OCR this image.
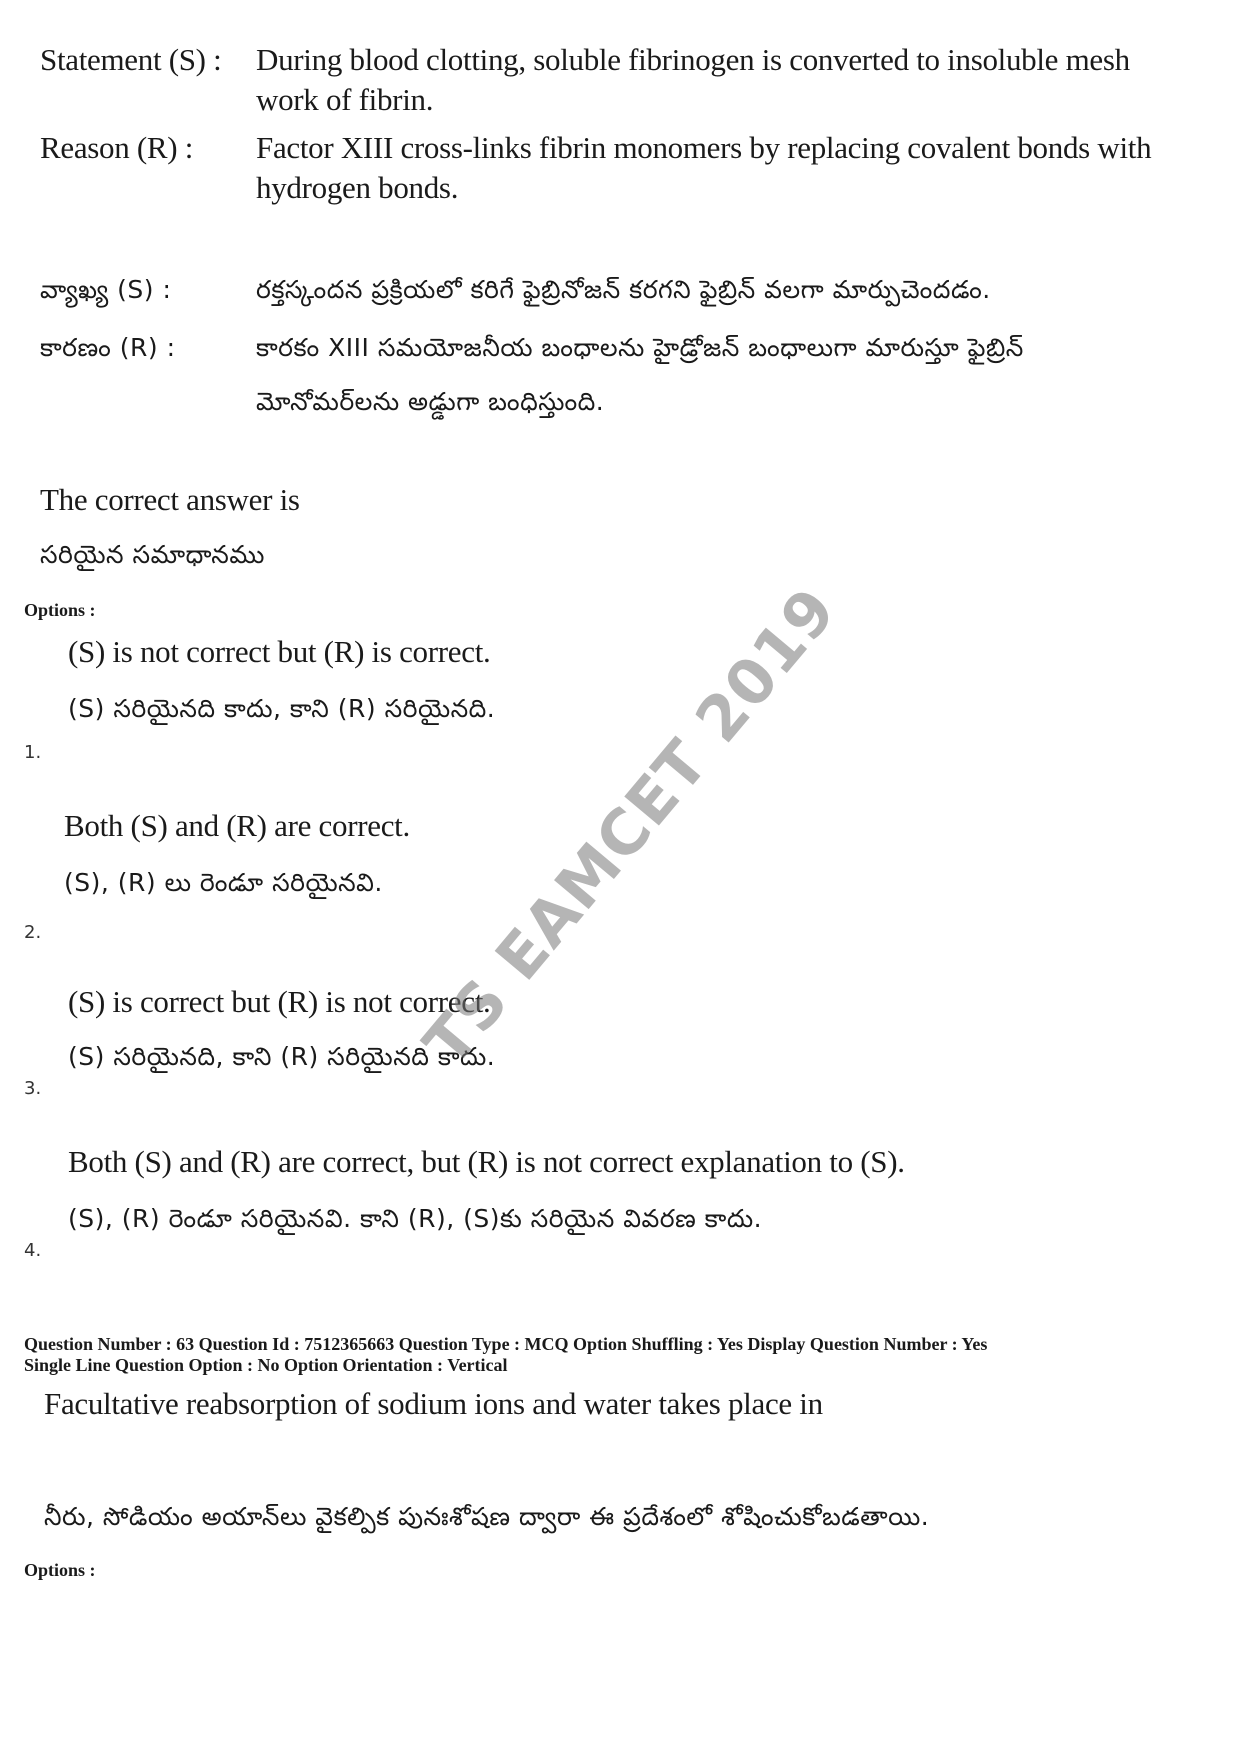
Statement (S) : During blood clotting, soluble fibrinogen is converted to insoluble mesh
work of fibrin.
Reason (R) : Factor XIII cross-links fibrin monomers by replacing covalent bonds with
hydrogen bonds.
వ్యాఖ్య (S) :	రక్తస్కందన ప్రక్రియలో కరిగే ఫైబ్రినోజన్ కరగని ఫైబ్రిన్ వలగా మార్పుచెందడం.
కారణం (R) :	కారకం XIII సమయోజనీయ బంధాలను హైడ్రోజన్ బంధాలుగా మారుస్తూ ఫైబ్రిన్
మోనోమర్‌లను అడ్డుగా బంధిస్తుంది.
The correct answer is
సరియైన సమాధానము
Options :
(S) is not correct but (R) is correct.
(S) సరియైనది కాదు, కాని (R) సరియైనది.
1.
Both (S) and (R) are correct.
(S), (R) లు రెండూ సరియైనవి.
2.
(S) is correct but (R) is not correct.
(S) సరియైనది, కాని (R) సరియైనది కాదు.
3.
Both (S) and (R) are correct, but (R) is not correct explanation to (S).
(S), (R) రెండూ సరియైనవి. కాని (R), (S)కు సరియైన వివరణ కాదు.
4.
Question Number : 63 Question Id : 7512365663 Question Type : MCQ Option Shuffling : Yes Display Question Number : Yes
Single Line Question Option : No Option Orientation : Vertical
Facultative reabsorption of sodium ions and water takes place in
నీరు, సోడియం అయాన్‌లు వైకల్పిక పునఃశోషణ ద్వారా ఈ ప్రదేశంలో శోషించుకోబడతాయి.
Options :
TS EAMCET 2019
